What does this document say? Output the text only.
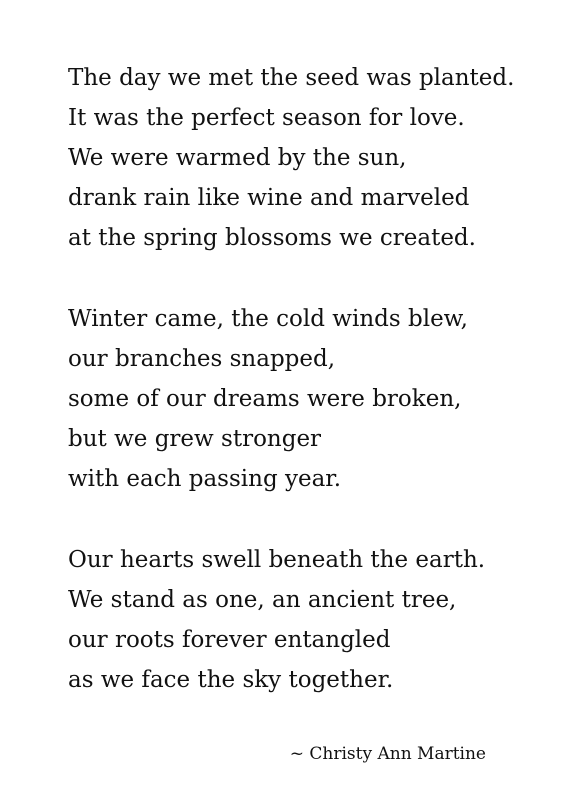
The day we met the seed was planted.
It was the perfect season for love.
We were warmed by the sun,
drank rain like wine and marveled
at the spring blossoms we created.
Winter came, the cold winds blew,
our branches snapped,
some of our dreams were broken,
but we grew stronger
with each passing year.
Our hearts swell beneath the earth.
We stand as one, an ancient tree,
our roots forever entangled
as we face the sky together.
~ Christy Ann Martine
